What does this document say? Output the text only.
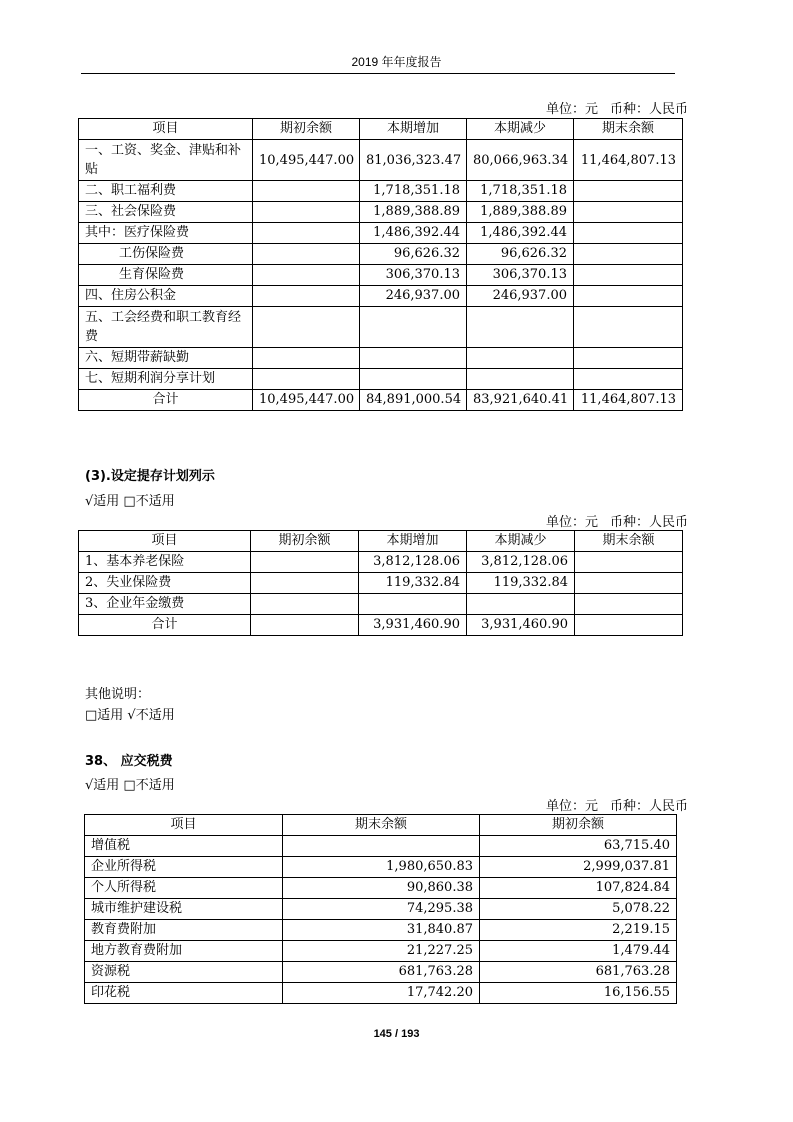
2019 年年度报告
单位：元 币种：人民币
项目	期初余额	本期增加	本期减少	期末余额
一、工资、奖金、津贴和补贴	10,495,447.00	81,036,323.47	80,066,963.34	11,464,807.13
二、职工福利费		1,718,351.18	1,718,351.18	
三、社会保险费		1,889,388.89	1,889,388.89	
其中：医疗保险费		1,486,392.44	1,486,392.44	
工伤保险费		96,626.32	96,626.32	
生育保险费		306,370.13	306,370.13	
四、住房公积金		246,937.00	246,937.00	
五、工会经费和职工教育经费				
六、短期带薪缺勤				
七、短期利润分享计划				
合计	10,495,447.00	84,891,000.54	83,921,640.41	11,464,807.13
(3).设定提存计划列示
√适用 □不适用
单位：元 币种：人民币
项目	期初余额	本期增加	本期减少	期末余额
1、基本养老保险		3,812,128.06	3,812,128.06	
2、失业保险费		119,332.84	119,332.84	
3、企业年金缴费				
合计		3,931,460.90	3,931,460.90	
其他说明：
□适用 √不适用
38、 应交税费
√适用 □不适用
单位：元 币种：人民币
项目	期末余额	期初余额
增值税		63,715.40
企业所得税	1,980,650.83	2,999,037.81
个人所得税	90,860.38	107,824.84
城市维护建设税	74,295.38	5,078.22
教育费附加	31,840.87	2,219.15
地方教育费附加	21,227.25	1,479.44
资源税	681,763.28	681,763.28
印花税	17,742.20	16,156.55
145 / 193
